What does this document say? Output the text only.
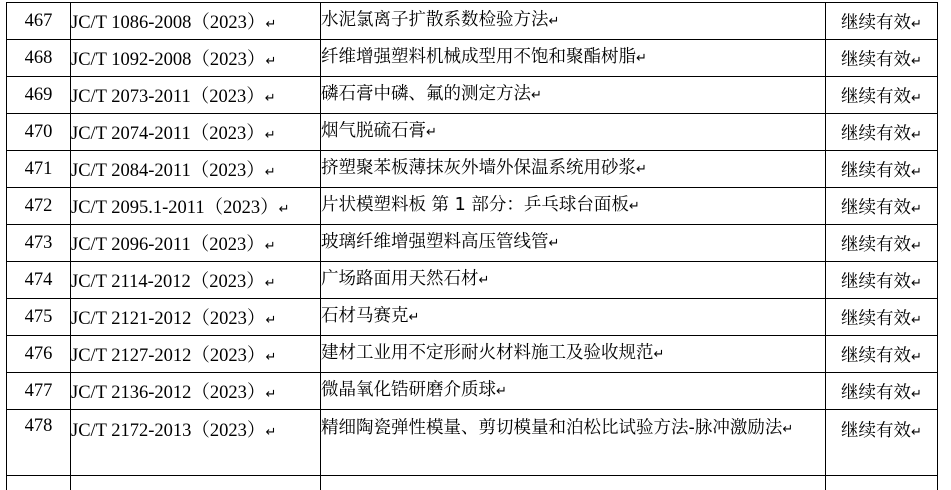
467	JC/T 1086-2008（2023）↵	水泥氯离子扩散系数检验方法↵	继续有效↵
468	JC/T 1092-2008（2023）↵	纤维增强塑料机械成型用不饱和聚酯树脂↵	继续有效↵
469	JC/T 2073-2011（2023）↵	磷石膏中磷、氟的测定方法↵	继续有效↵
470	JC/T 2074-2011（2023）↵	烟气脱硫石膏↵	继续有效↵
471	JC/T 2084-2011（2023）↵	挤塑聚苯板薄抹灰外墙外保温系统用砂浆↵	继续有效↵
472	JC/T 2095.1-2011（2023）↵	片状模塑料板 第 1 部分：乒乓球台面板↵	继续有效↵
473	JC/T 2096-2011（2023）↵	玻璃纤维增强塑料高压管线管↵	继续有效↵
474	JC/T 2114-2012（2023）↵	广场路面用天然石材↵	继续有效↵
475	JC/T 2121-2012（2023）↵	石材马赛克↵	继续有效↵
476	JC/T 2127-2012（2023）↵	建材工业用不定形耐火材料施工及验收规范↵	继续有效↵
477	JC/T 2136-2012（2023）↵	微晶氧化锆研磨介质球↵	继续有效↵
478	JC/T 2172-2013（2023）↵	精细陶瓷弹性模量、剪切模量和泊松比试验方法-脉冲激励法↵	继续有效↵
